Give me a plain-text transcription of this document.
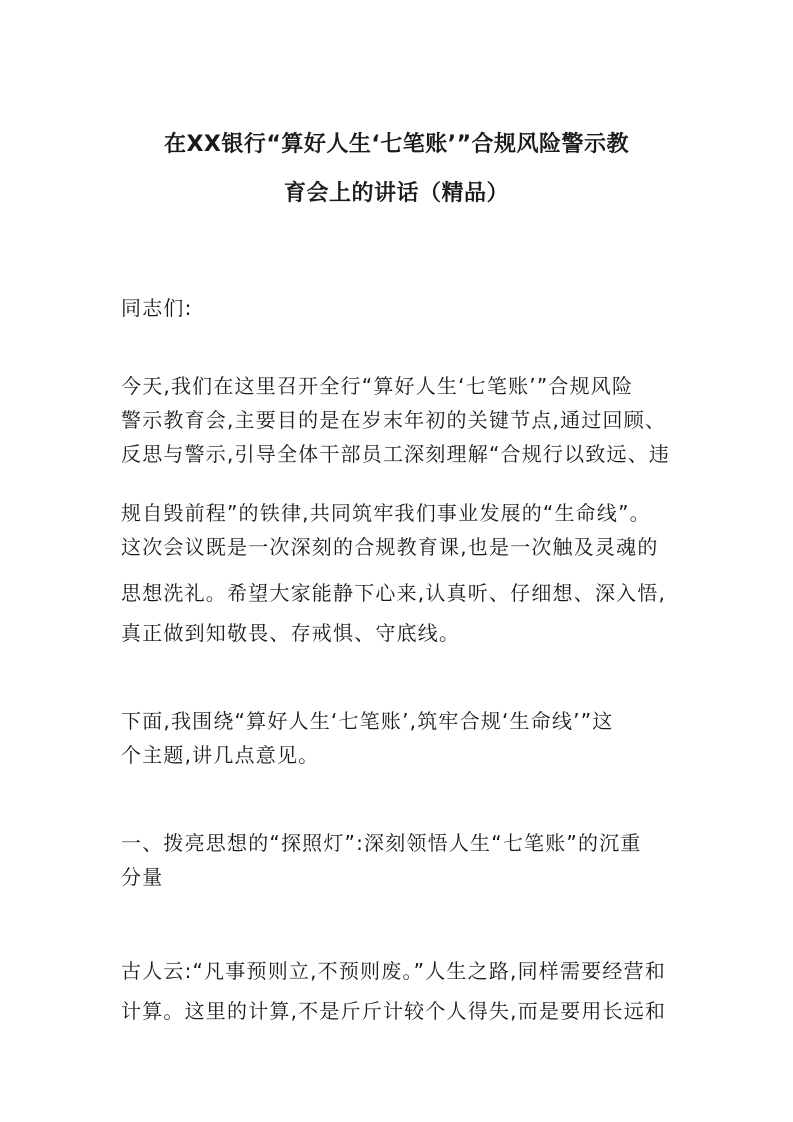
在XX银行“算好人生‘七笔账’”合规风险警示教
育会上的讲话（精品）
同志们:
今天,我们在这里召开全行“算好人生‘七笔账’”合规风险
警示教育会,主要目的是在岁末年初的关键节点,通过回顾、
反思与警示,引导全体干部员工深刻理解“合规行以致远、违
规自毁前程”的铁律,共同筑牢我们事业发展的“生命线”。
这次会议既是一次深刻的合规教育课,也是一次触及灵魂的
思想洗礼。希望大家能静下心来,认真听、仔细想、深入悟,
真正做到知敬畏、存戒惧、守底线。
下面,我围绕“算好人生‘七笔账’,筑牢合规‘生命线’”这
个主题,讲几点意见。
一、拨亮思想的“探照灯”:深刻领悟人生“七笔账”的沉重
分量
古人云:“凡事预则立,不预则废。”人生之路,同样需要经营和
计算。这里的计算,不是斤斤计较个人得失,而是要用长远和
